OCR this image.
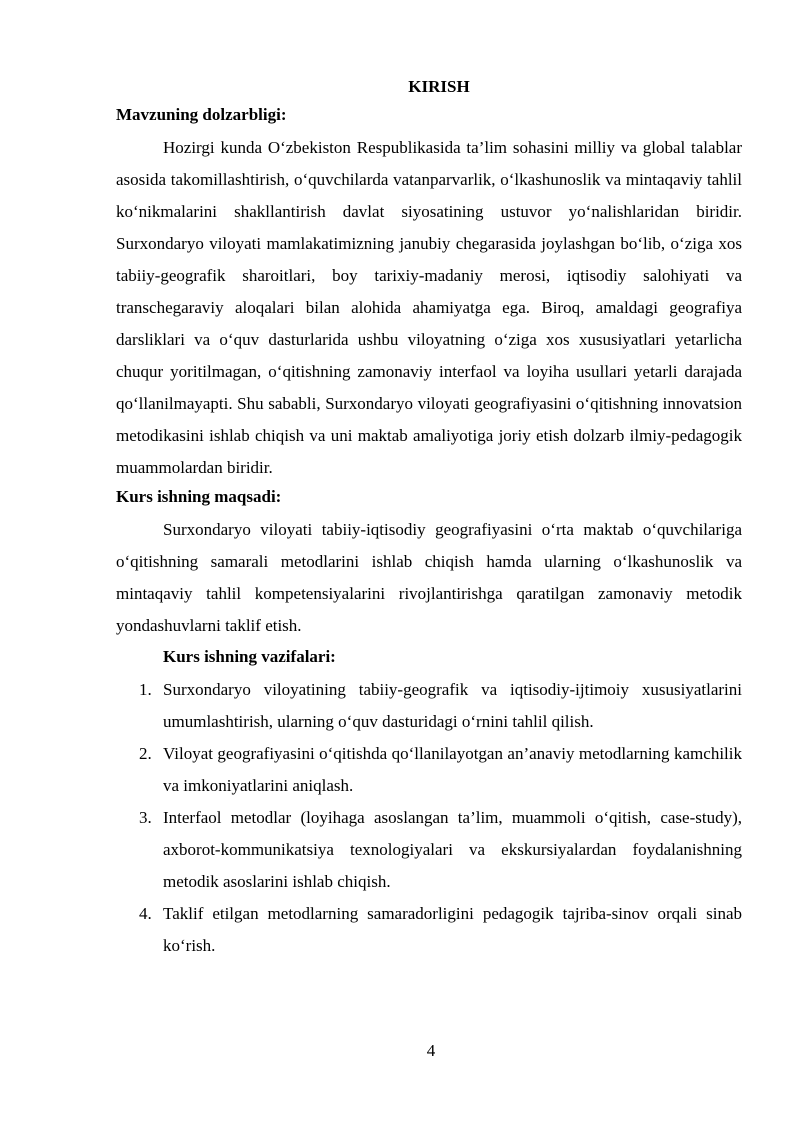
KIRISH
Mavzuning dolzarbligi:

Hozirgi kunda O‘zbekiston Respublikasida ta’lim sohasini milliy va global talablar asosida takomillashtirish, o‘quvchilarda vatanparvarlik, o‘lkashunoslik va mintaqaviy tahlil ko‘nikmalarini shakllantirish davlat siyosatining ustuvor yo‘nalishlaridan biridir. Surxondaryo viloyati mamlakatimizning janubiy chegarasida joylashgan bo‘lib, o‘ziga xos tabiiy-geografik sharoitlari, boy tarixiy-madaniy merosi, iqtisodiy salohiyati va transchegaraviy aloqalari bilan alohida ahamiyatga ega. Biroq, amaldagi geografiya darsliklari va o‘quv dasturlarida ushbu viloyatning o‘ziga xos xususiyatlari yetarlicha chuqur yoritilmagan, o‘qitishning zamonaviy interfaol va loyiha usullari yetarli darajada qo‘llanilmayapti. Shu sababli, Surxondaryo viloyati geografiyasini o‘qitishning innovatsion metodikasini ishlab chiqish va uni maktab amaliyotiga joriy etish dolzarb ilmiy-pedagogik muammolardan biridir.

Kurs ishning maqsadi:

Surxondaryo viloyati tabiiy-iqtisodiy geografiyasini o‘rta maktab o‘quvchilariga o‘qitishning samarali metodlarini ishlab chiqish hamda ularning o‘lkashunoslik va mintaqaviy tahlil kompetensiyalarini rivojlantirishga qaratilgan zamonaviy metodik yondashuvlarni taklif etish.

Kurs ishning vazifalari:
1. Surxondaryo viloyatining tabiiy-geografik va iqtisodiy-ijtimoiy xususiyatlarini umumlashtirish, ularning o‘quv dasturidagi o‘rnini tahlil qilish.
2. Viloyat geografiyasini o‘qitishda qo‘llanilayotgan an’anaviy metodlarning kamchilik va imkoniyatlarini aniqlash.
3. Interfaol metodlar (loyihaga asoslangan ta’lim, muammoli o‘qitish, case-study), axborot-kommunikatsiya texnologiyalari va ekskursiyalardan foydalanishning metodik asoslarini ishlab chiqish.
4. Taklif etilgan metodlarning samaradorligini pedagogik tajriba-sinov orqali sinab ko‘rish.
4
